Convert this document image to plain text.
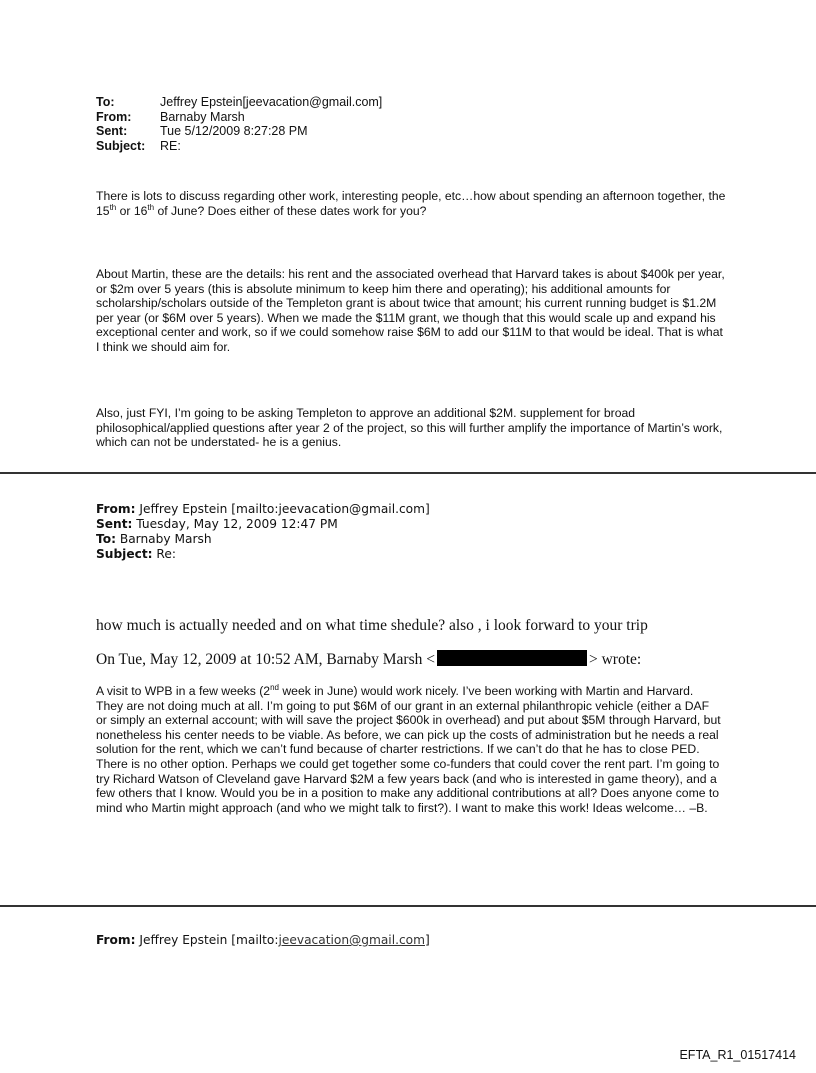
To:	Jeffrey Epstein[jeevacation@gmail.com]
From:	Barnaby Marsh
Sent:	Tue 5/12/2009 8:27:28 PM
Subject:	RE:
There is lots to discuss regarding other work, interesting people, etc…how about spending an afternoon together, the 15th or 16th of June? Does either of these dates work for you?
About Martin, these are the details: his rent and the associated overhead that Harvard takes is about $400k per year, or $2m over 5 years (this is absolute minimum to keep him there and operating); his additional amounts for scholarship/scholars outside of the Templeton grant is about twice that amount; his current running budget is $1.2M per year (or $6M over 5 years). When we made the $11M grant, we though that this would scale up and expand his exceptional center and work, so if we could somehow raise $6M to add our $11M to that would be ideal. That is what I think we should aim for.
Also, just FYI, I’m going to be asking Templeton to approve an additional $2M. supplement for broad philosophical/applied questions after year 2 of the project, so this will further amplify the importance of Martin’s work, which can not be understated- he is a genius.
From: Jeffrey Epstein [mailto:jeevacation@gmail.com]
Sent: Tuesday, May 12, 2009 12:47 PM
To: Barnaby Marsh
Subject: Re:
how much is actually needed and on what time shedule? also , i look forward to your trip
On Tue, May 12, 2009 at 10:52 AM, Barnaby Marsh <	> wrote:
A visit to WPB in a few weeks (2nd week in June) would work nicely. I’ve been working with Martin and Harvard. They are not doing much at all. I’m going to put $6M of our grant in an external philanthropic vehicle (either a DAF or simply an external account; with will save the project $600k in overhead) and put about $5M through Harvard, but nonetheless his center needs to be viable. As before, we can pick up the costs of administration but he needs a real solution for the rent, which we can’t fund because of charter restrictions. If we can’t do that he has to close PED. There is no other option. Perhaps we could get together some co-funders that could cover the rent part. I’m going to try Richard Watson of Cleveland gave Harvard $2M a few years back (and who is interested in game theory), and a few others that I know. Would you be in a position to make any additional contributions at all? Does anyone come to mind who Martin might approach (and who we might talk to first?). I want to make this work! Ideas welcome… –B.
From: Jeffrey Epstein [mailto:jeevacation@gmail.com]
EFTA_R1_01517414
